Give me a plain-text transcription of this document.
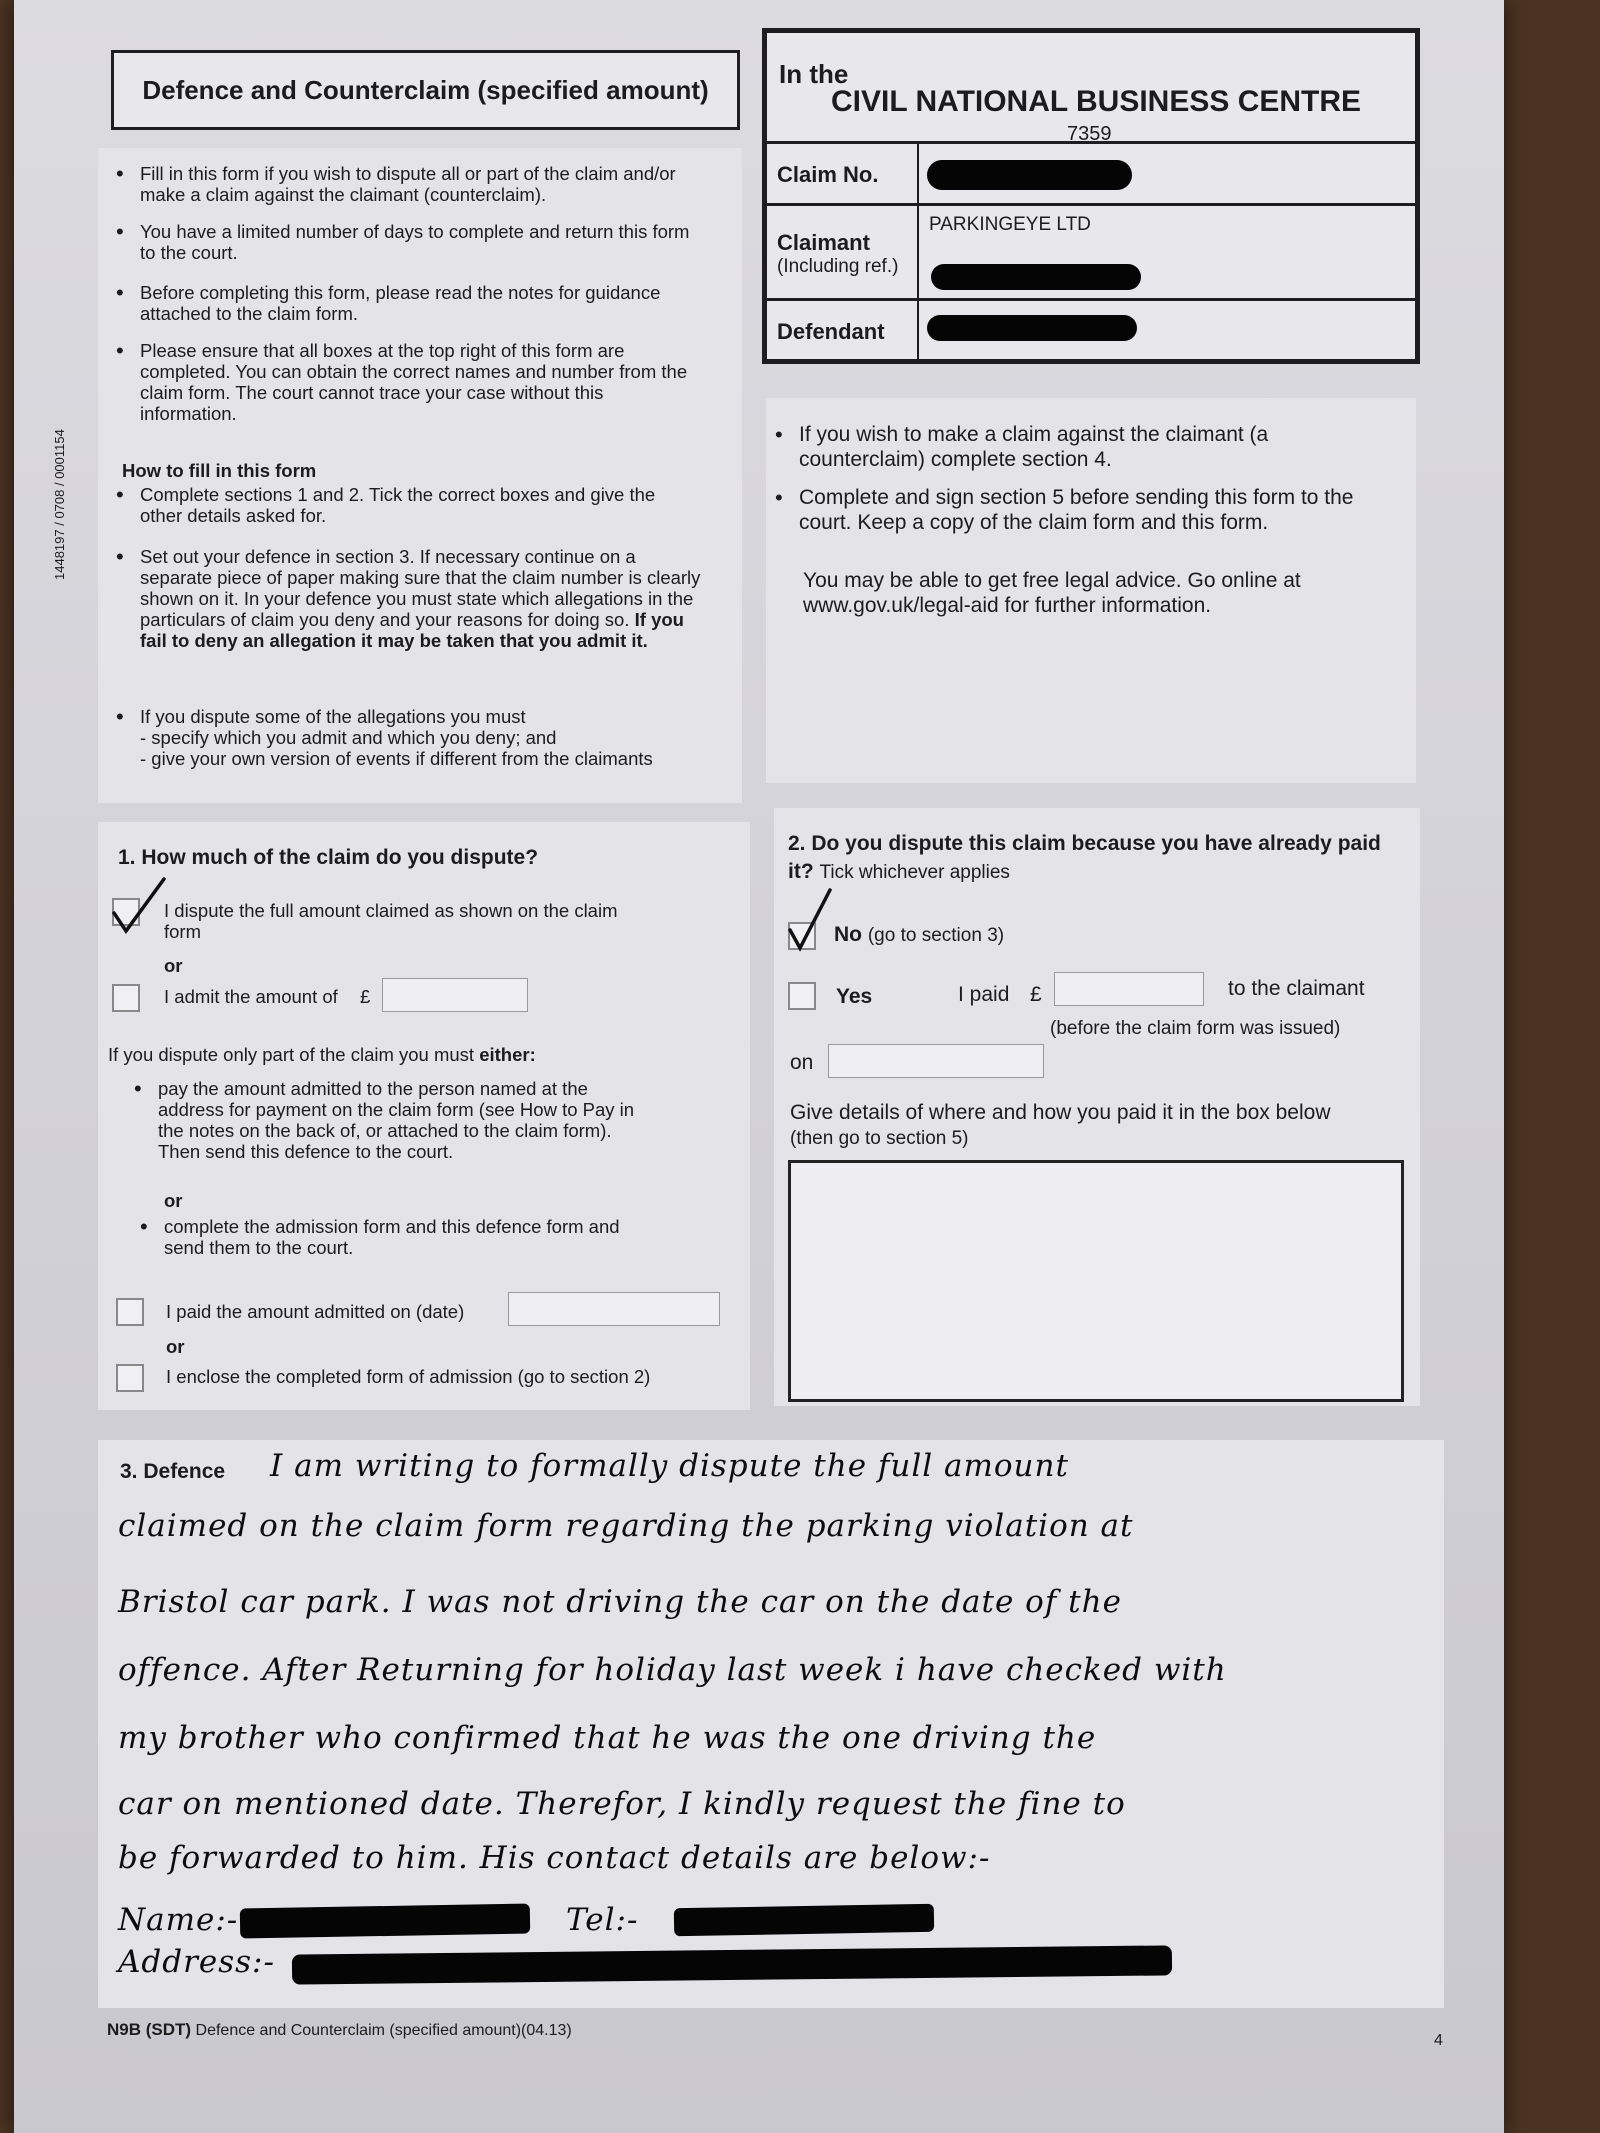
1448197 / 0708 / 0001154
Defence and Counterclaim (specified amount)
In the
CIVIL NATIONAL BUSINESS CENTRE
7359
Claim No.
Claimant
(Including ref.)
PARKINGEYE LTD
Defendant
• Fill in this form if you wish to dispute all or part of the claim and/or make a claim against the claimant (counterclaim).
• You have a limited number of days to complete and return this form to the court.
• Before completing this form, please read the notes for guidance attached to the claim form.
• Please ensure that all boxes at the top right of this form are completed. You can obtain the correct names and number from the claim form. The court cannot trace your case without this information.
How to fill in this form
• Complete sections 1 and 2. Tick the correct boxes and give the other details asked for.
• Set out your defence in section 3. If necessary continue on a separate piece of paper making sure that the claim number is clearly shown on it. In your defence you must state which allegations in the particulars of claim you deny and your reasons for doing so. If you fail to deny an allegation it may be taken that you admit it.
• If you dispute some of the allegations you must
- specify which you admit and which you deny; and
- give your own version of events if different from the claimants
• If you wish to make a claim against the claimant (a counterclaim) complete section 4.
• Complete and sign section 5 before sending this form to the court. Keep a copy of the claim form and this form.
You may be able to get free legal advice. Go online at www.gov.uk/legal-aid for further information.
1. How much of the claim do you dispute?
I dispute the full amount claimed as shown on the claim form
or
I admit the amount of £
If you dispute only part of the claim you must either:
• pay the amount admitted to the person named at the address for payment on the claim form (see How to Pay in the notes on the back of, or attached to the claim form). Then send this defence to the court.
or
• complete the admission form and this defence form and send them to the court.
I paid the amount admitted on (date)
or
I enclose the completed form of admission (go to section 2)
2. Do you dispute this claim because you have already paid it? Tick whichever applies
No (go to section 3)
Yes	I paid £	to the claimant
(before the claim form was issued)
on
Give details of where and how you paid it in the box below
(then go to section 5)
3. Defence I am writing to formally dispute the full amount
claimed on the claim form regarding the parking violation at
Bristol car park. I was not driving the car on the date of the
offence. After Returning for holiday last week i have checked with
my brother who confirmed that he was the one driving the
car on mentioned date. Therefor, I kindly request the fine to
be forwarded to him. His contact details are below:-
Name:-	Tel:-
Address:-
N9B (SDT) Defence and Counterclaim (specified amount)(04.13)
4
